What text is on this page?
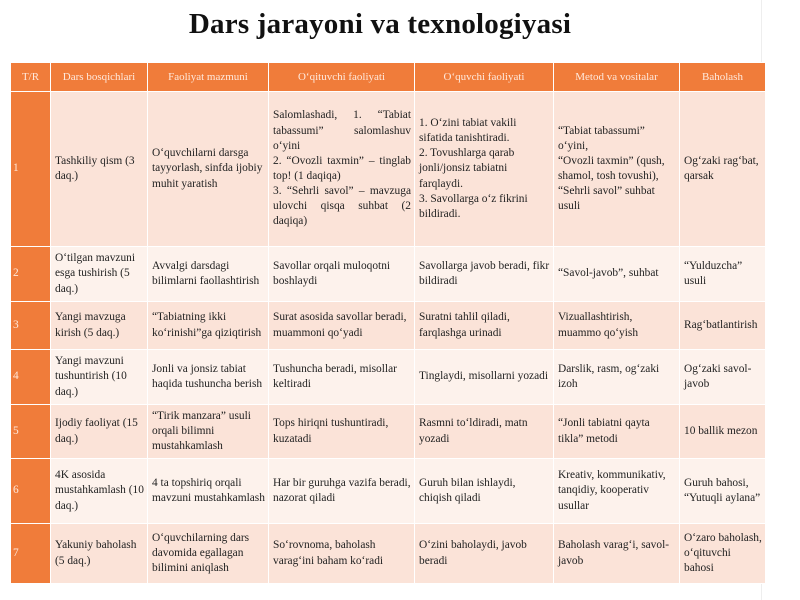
Dars jarayoni va texnologiyasi
T/R	Dars bosqichlari	Faoliyat mazmuni	O‘qituvchi faoliyati	O‘quvchi faoliyati	Metod va vositalar	Baholash
1	Tashkiliy qism (3 daq.)	O‘quvchilarni darsga tayyorlash, sinfda ijobiy muhit yaratish	Salomlashadi, 1. “Tabiat tabassumi” salomlashuv o‘yini
2. “Ovozli taxmin” – tinglab top! (1 daqiqa)
3. “Sehrli savol” – mavzuga ulovchi qisqa suhbat (2 daqiqa)	1. O‘zini tabiat vakili sifatida tanishtiradi.
2. Tovushlarga qarab jonli/jonsiz tabiatni farqlaydi.
3. Savollarga o‘z fikrini bildiradi.	“Tabiat tabassumi” o‘yini,
“Ovozli taxmin” (qush, shamol, tosh tovushi),
“Sehrli savol” suhbat usuli	Og‘zaki rag‘bat, qarsak
2	O‘tilgan mavzuni esga tushirish (5 daq.)	Avvalgi darsdagi bilimlarni faollashtirish	Savollar orqali muloqotni boshlaydi	Savollarga javob beradi, fikr bildiradi	“Savol-javob”, suhbat	“Yulduzcha” usuli
3	Yangi mavzuga kirish (5 daq.)	“Tabiatning ikki ko‘rinishi”ga qiziqtirish	Surat asosida savollar beradi, muammoni qo‘yadi	Suratni tahlil qiladi, farqlashga urinadi	Vizuallashtirish, muammo qo‘yish	Rag‘batlantirish
4	Yangi mavzuni tushuntirish (10 daq.)	Jonli va jonsiz tabiat haqida tushuncha berish	Tushuncha beradi, misollar keltiradi	Tinglaydi, misollarni yozadi	Darslik, rasm, og‘zaki izoh	Og‘zaki savol-javob
5	Ijodiy faoliyat (15 daq.)	“Tirik manzara” usuli orqali bilimni mustahkamlash	Tops hiriqni tushuntiradi, kuzatadi	Rasmni to‘ldiradi, matn yozadi	“Jonli tabiatni qayta tikla” metodi	10 ballik mezon
6	4K asosida mustahkamlash (10 daq.)	4 ta topshiriq orqali mavzuni mustahkamlash	Har bir guruhga vazifa beradi, nazorat qiladi	Guruh bilan ishlaydi, chiqish qiladi	Kreativ, kommunikativ, tanqidiy, kooperativ usullar	Guruh bahosi, “Yutuqli aylana”
7	Yakuniy baholash (5 daq.)	O‘quvchilarning dars davomida egallagan bilimini aniqlash	So‘rovnoma, baholash varag‘ini baham ko‘radi	O‘zini baholaydi, javob beradi	Baholash varag‘i, savol-javob	O‘zaro baholash, o‘qituvchi bahosi
